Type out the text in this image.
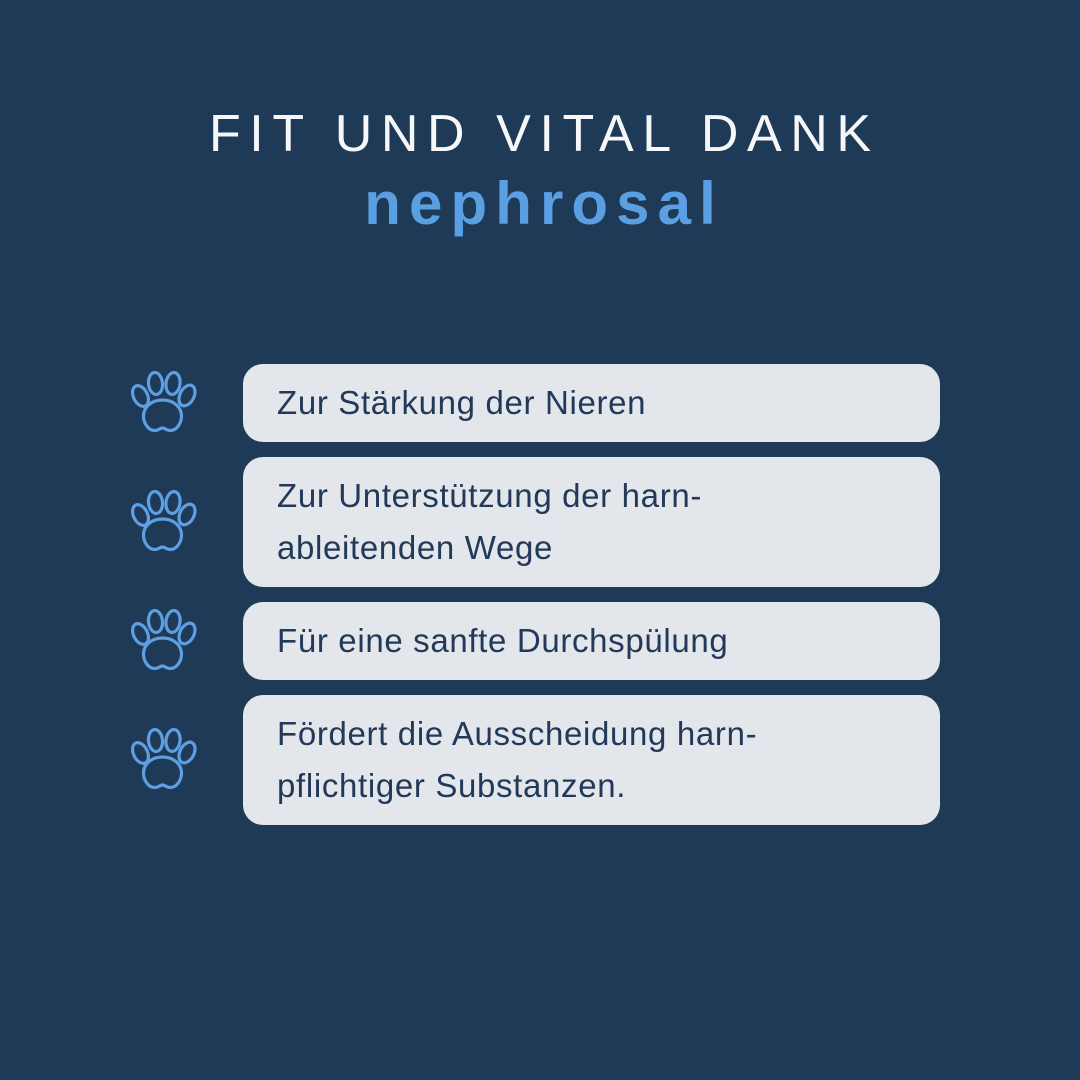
FIT UND VITAL DANK
nephrosal
Zur Stärkung der Nieren
Zur Unterstützung der harn-
ableitenden Wege
Für eine sanfte Durchspülung
Fördert die Ausscheidung harn-
pflichtiger Substanzen.
